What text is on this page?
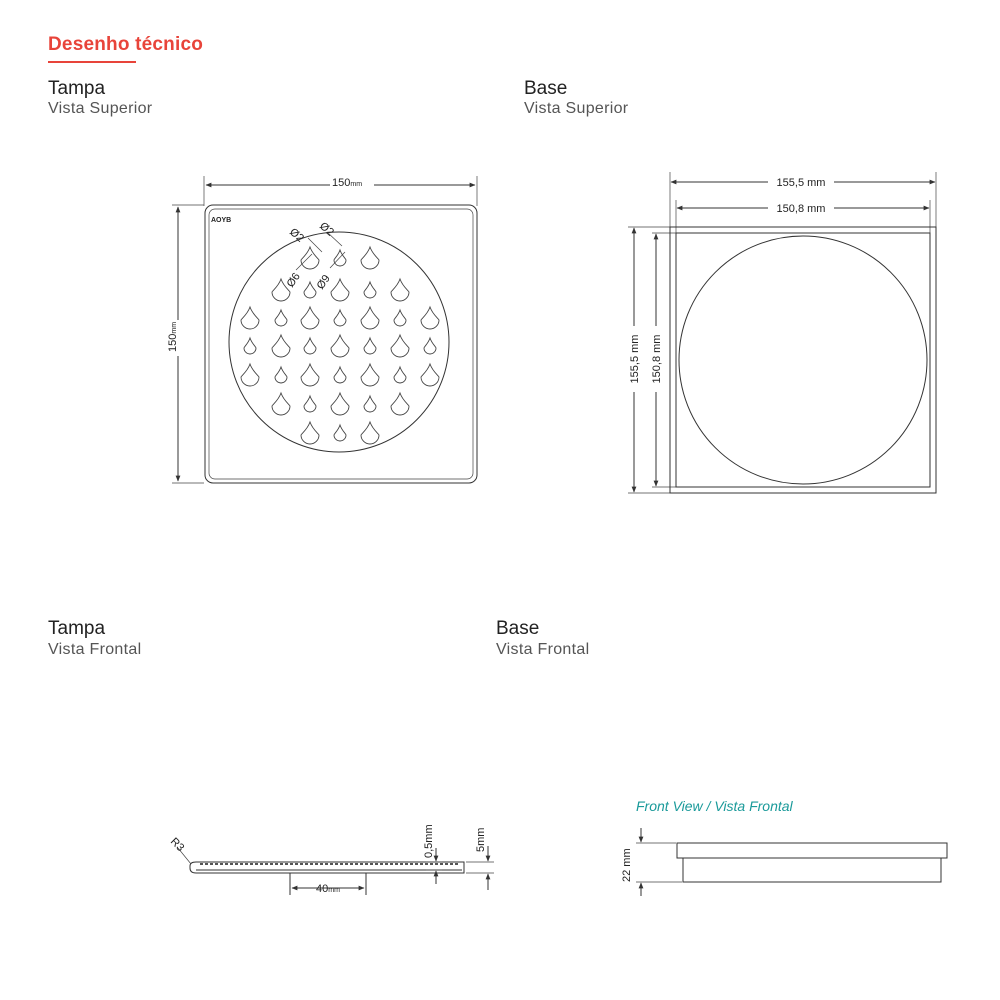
Desenho técnico
Tampa
Vista Superior
Base
Vista Superior
Tampa
Vista Frontal
Base
Vista Frontal
150mm
150mm
AOYB
Ø2 Ø2
Ø6 Ø9
155,5 mm
150,8 mm
155,5 mm 150,8 mm
40mm
R3	0,5mm	5mm
Front View / Vista Frontal
22 mm
